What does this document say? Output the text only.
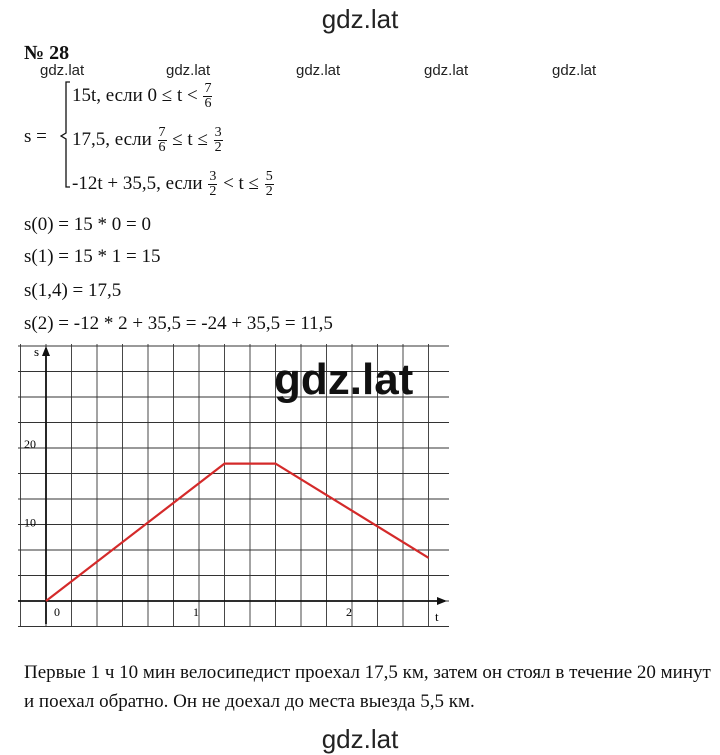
gdz.lat
№ 28
gdz.lat	gdz.lat	gdz.lat	gdz.lat	gdz.lat
s =
15t, если $0 \le t < \frac{7}{6}$
17,5, если $\frac{7}{6} \le t \le \frac{3}{2}$
-12t + 35,5, если $\frac{3}{2} < t \le \frac{5}{2}$
s(0) = 15 * 0 = 0
s(1) = 15 * 1 = 15
s(1,4) = 17,5
s(2) = -12 * 2 + 35,5 = -24 + 35,5 = 11,5
s
t
0	1	2
10
20
gdz.lat
Первые 1 ч 10 мин велосипедист проехал 17,5 км, затем он стоял в течение 20 минут и поехал обратно. Он не доехал до места выезда 5,5 км.
gdz.lat
